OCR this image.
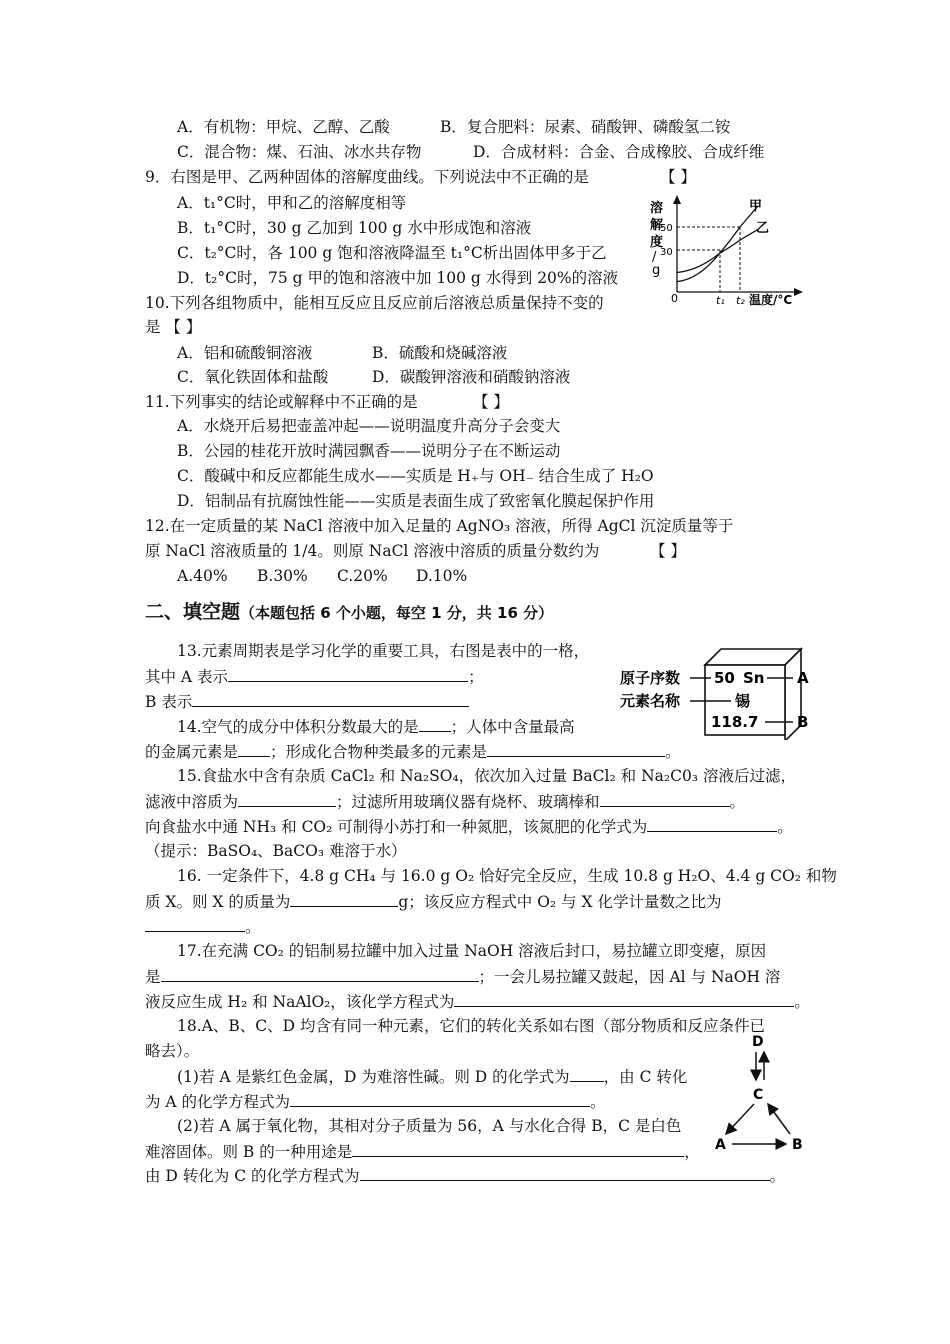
A．有机物：甲烷、乙醇、乙酸	B．复合肥料：尿素、硝酸钾、磷酸氢二铵
C．混合物：煤、石油、冰水共存物	D．合成材料：合金、合成橡胶、合成纤维
9．右图是甲、乙两种固体的溶解度曲线。下列说法中不正确的是	【 】
A．t₁°C时，甲和乙的溶解度相等
B．t₁°C时，30 g 乙加到 100 g 水中形成饱和溶液
C．t₂°C时，各 100 g 饱和溶液降温至 t₁°C析出固体甲多于乙
D．t₂°C时，75 g 甲的饱和溶液中加 100 g 水得到 20%的溶液
溶
解
度
/
g
0
50
30
甲
乙
t₁ t₂ 温度/°C
10.下列各组物质中，能相互反应且反应前后溶液总质量保持不变的
是 【 】
A．铝和硫酸铜溶液	B．硫酸和烧碱溶液
C．氧化铁固体和盐酸	D．碳酸钾溶液和硝酸钠溶液
11.下列事实的结论或解释中不正确的是	【 】
A．水烧开后易把壶盖冲起——说明温度升高分子会变大
B．公园的桂花开放时满园飘香——说明分子在不断运动
C．酸碱中和反应都能生成水——实质是 H₊与 OH₋ 结合生成了 H₂O
D．铝制品有抗腐蚀性能——实质是表面生成了致密氧化膜起保护作用
12.在一定质量的某 NaCl 溶液中加入足量的 AgNO₃ 溶液，所得 AgCl 沉淀质量等于
原 NaCl 溶液质量的 1/4。则原 NaCl 溶液中溶质的质量分数约为	【 】
A.40% B.30% C.20% D.10%
二、填空题（本题包括 6 个小题，每空 1 分，共 16 分）
13.元素周期表是学习化学的重要工具，右图是表中的一格，
其中 A 表示	；
B 表示
原子序数 50 Sn A
元素名称	锡
118.7	B
14.空气的成分中体积分数最大的是 ；人体中含量最高
的金属元素是 ；形成化合物种类最多的元素是	。
15.食盐水中含有杂质 CaCl₂ 和 Na₂SO₄，依次加入过量 BaCl₂ 和 Na₂C0₃ 溶液后过滤，
滤液中溶质为	；过滤所用玻璃仪器有烧杯、玻璃棒和	。
向食盐水中通 NH₃ 和 CO₂ 可制得小苏打和一种氮肥，该氮肥的化学式为	。
（提示：BaSO₄、BaCO₃ 难溶于水）
16. 一定条件下，4.8 g CH₄ 与 16.0 g O₂ 恰好完全反应，生成 10.8 g H₂O、4.4 g CO₂ 和物
质 X。则 X 的质量为	g；该反应方程式中 O₂ 与 X 化学计量数之比为
。
17.在充满 CO₂ 的铝制易拉罐中加入过量 NaOH 溶液后封口，易拉罐立即变瘪，原因
是	；一会儿易拉罐又鼓起，因 Al 与 NaOH 溶
液反应生成 H₂ 和 NaAlO₂，该化学方程式为	。
18.A、B、C、D 均含有同一种元素，它们的转化关系如右图（部分物质和反应条件已
略去）。
(1)若 A 是紫红色金属，D 为难溶性碱。则 D 的化学式为 ，由 C 转化
为 A 的化学方程式为	。
(2)若 A 属于氧化物，其相对分子质量为 56，A 与水化合得 B，C 是白色
难溶固体。则 B 的一种用途是	，
由 D 转化为 C 的化学方程式为	。
D
C
A	B
